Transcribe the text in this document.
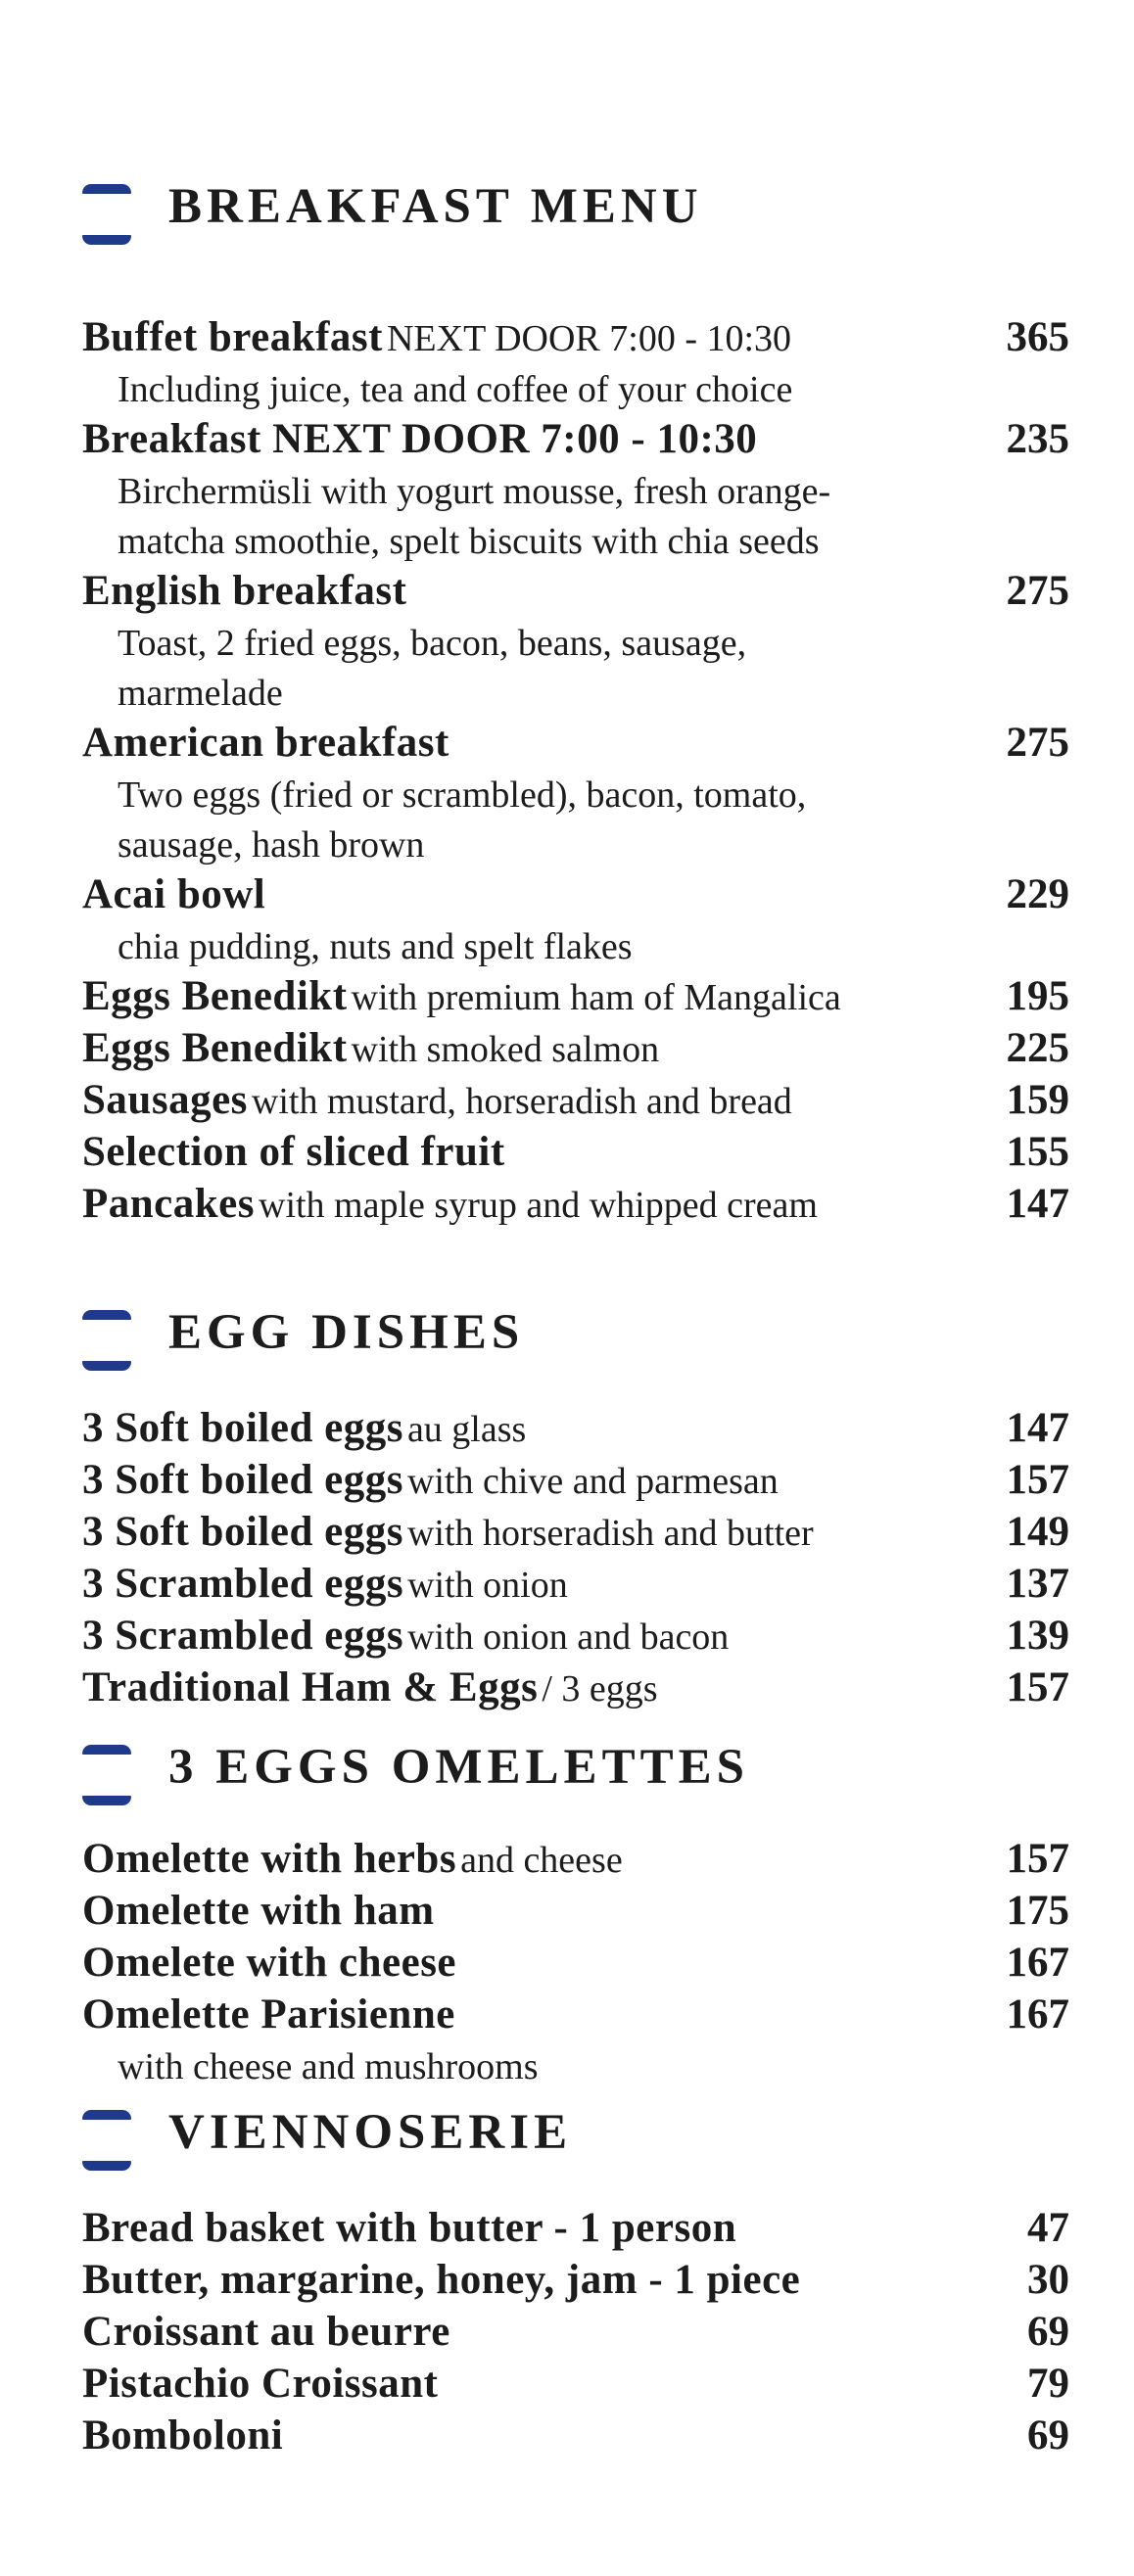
BREAKFAST MENU
Buffet breakfast NEXT DOOR 7:00 - 10:30	365
Including juice, tea and coffee of your choice
Breakfast NEXT DOOR 7:00 - 10:30	235
Birchermüsli with yogurt mousse, fresh orange-
matcha smoothie, spelt biscuits with chia seeds
English breakfast	275
Toast, 2 fried eggs, bacon, beans, sausage,
marmelade
American breakfast	275
Two eggs (fried or scrambled), bacon, tomato,
sausage, hash brown
Acai bowl	229
chia pudding, nuts and spelt flakes
Eggs Benedikt with premium ham of Mangalica	195
Eggs Benedikt with smoked salmon	225
Sausages with mustard, horseradish and bread	159
Selection of sliced fruit	155
Pancakes with maple syrup and whipped cream	147
EGG DISHES
3 Soft boiled eggs au glass	147
3 Soft boiled eggs with chive and parmesan	157
3 Soft boiled eggs with horseradish and butter	149
3 Scrambled eggs with onion	137
3 Scrambled eggs with onion and bacon	139
Traditional Ham & Eggs / 3 eggs	157
3 EGGS OMELETTES
Omelette with herbs and cheese	157
Omelette with ham	175
Omelete with cheese	167
Omelette Parisienne	167
with cheese and mushrooms
VIENNOSERIE
Bread basket with butter - 1 person	47
Butter, margarine, honey, jam - 1 piece	30
Croissant au beurre	69
Pistachio Croissant	79
Bomboloni	69
